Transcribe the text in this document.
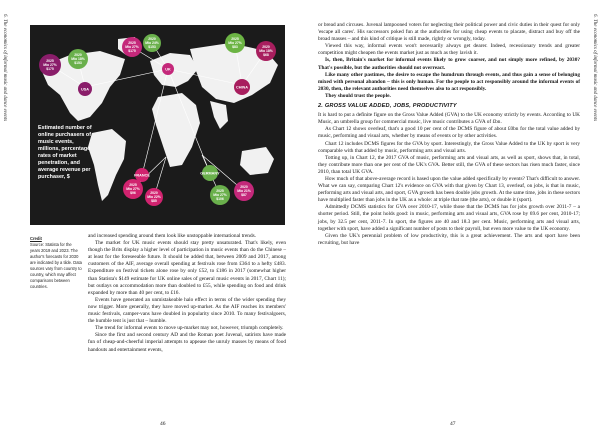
6. The economics of informal music and dance events	2025
Mio 27%
$175
2020
Mio 18%
$153
USA
2025
Mio 27%
$175
2020
Mio 24%
$153
UK
2025
Mio 27%
$83	2020
Mio 18%
$68
CHINA
2025
Mio 27%
$96	2020
Mio 22%
$85
FRANCE
2025
Mio 27%
$106
2020
Mio 21%
$87
GERMANY
Estimated number of online purchasers of music events, millions, percentage rates of market penetration, and average revenue per purchaser, $
Credit
Source: Statista for the years 2019 and 2023. The author's forecasts for 2030 are indicated by a tilde. Data sources vary from country to country, which may affect comparisons between countries.

and increased spending around them look like unstoppable international trends.

The market for UK music events should stay pretty unsaturated. That's likely, even though the Brits display a higher level of participation in music events than do the Chinese – at least for the foreseeable future. It should be added that, between 2009 and 2017, among customers of the AIF, average overall spending at festivals rose from £364 to a hefty £483. Expenditure on festival tickets alone rose by only £52, to £186 in 2017 (somewhat higher than Statista's $149 estimate for UK online sales of general music events in 2017, Chart 11); but outlays on accommodation more than doubled to £55, while spending on food and drink expanded by more than 40 per cent, to £16.

Events have generated an unmistakeable halo effect in terms of the wider spending they now trigger. More generally, they have moved up-market. As the AIF reaches its members' music festivals, camper-vans have doubled in popularity since 2010. To many festivalgoers, the humble tent is just that – humble.

The trend for informal events to move up-market may not, however, triumph completely.

Since the first and second century AD and the Roman poet Juvenal, satirists have made fun of cheap-and-cheerful imperial attempts to appease the unruly masses by means of food handouts and entertainment events,

46
6. The economics of informal music and dance events
47

or bread and circuses. Juvenal lampooned voters for neglecting their political power and civic duties in their quest for only 'escape all cares'. His successors poked fun at the authorities for using cheap events to placate, distract and buy off the broad masses – and this kind of critique is still made, rightly or wrongly, today.

Viewed this way, informal events won't necessarily always get dearer. Indeed, recessionary trends and greater competition might cheapen the events market just as much as they lavish it.

Is, then, Britain's market for informal events likely to grow coarser, and not simply more refined, by 2030? That's possible, but the authorities should not overreact.

Like many other pastimes, the desire to escape the humdrum through events, and thus gain a sense of belonging mixed with personal abandon – this is only human. For the people to act responsibly around the informal events of 2030, then, the relevant authorities need themselves also to act responsibly.

They should trust the people.

2. GROSS VALUE ADDED, JOBS, PRODUCTIVITY

It is hard to put a definite figure on the Gross Value Added (GVA) to the UK economy strictly by events. According to UK Music, an umbrella group for commercial music, live music contributes a GVA of £bn.

As Chart 12 shows overleaf, that's a good 10 per cent of the DCMS figure of about £0bn for the total value added by music, performing and visual arts, whether by means of events or by other activities.

Chart 12 includes DCMS figures for the GVA by sport. Interestingly, the Gross Value Added to the UK by sport is very comparable with that added by music, performing arts and visual arts.

Totting up, in Chart 12, the 2017 GVA of music, performing arts and visual arts, as well as sport, shows that, in total, they contribute more than one per cent of the UK's GVA. Better still, the GVA of these sectors has risen much faster, since 2010, than total UK GVA.

How much of that above-average record is based upon the value added specifically by events? That's difficult to answer. What we can say, comparing Chart 12's evidence on GVA with that given by Chart 13, overleaf, on jobs, is that in music, performing arts and visual arts, and sport, GVA growth has been double jobs growth. At the same time, jobs in these sectors have multiplied faster than jobs in the UK as a whole: at triple that rate (the arts), or double it (sport).

Admittedly DCMS statistics for GVA over 2010-17, while those that the DCMS has for jobs growth over 2011-7 – a shorter period. Still, the point holds good: in music, performing arts and visual arts, GVA rose by 69.6 per cent, 2010-17; jobs, by 32.5 per cent, 2011-7. In sport, the figures are 40 and 18.3 per cent. Music, performing arts and visual arts, together with sport, have added a significant number of posts to their payroll, but even more value to the UK economy.

Given the UK's perennial problem of low productivity, this is a great achievement. The arts and sport have been recruiting, but have
